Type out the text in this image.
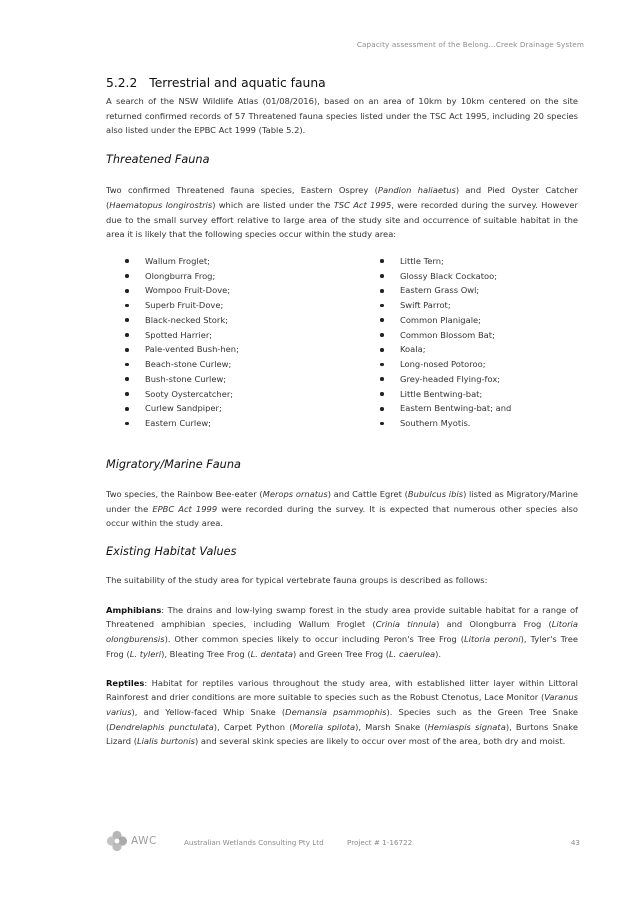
Capacity assessment of the Belong...Creek Drainage System
5.2.2 Terrestrial and aquatic fauna

A search of the NSW Wildlife Atlas (01/08/2016), based on an area of 10km by 10km centered on the site returned confirmed records of 57 Threatened fauna species listed under the TSC Act 1995, including 20 species also listed under the EPBC Act 1999 (Table 5.2).

Threatened Fauna

Two confirmed Threatened fauna species, Eastern Osprey (Pandion haliaetus) and Pied Oyster Catcher (Haematopus longirostris) which are listed under the TSC Act 1995, were recorded during the survey. However due to the small survey effort relative to large area of the study site and occurrence of suitable habitat in the area it is likely that the following species occur within the study area:

Wallum Froglet;
Olongburra Frog;
Wompoo Fruit-Dove;
Superb Fruit-Dove;
Black-necked Stork;
Spotted Harrier;
Pale-vented Bush-hen;
Beach-stone Curlew;
Bush-stone Curlew;
Sooty Oystercatcher;
Curlew Sandpiper;
Eastern Curlew;
Little Tern;
Glossy Black Cockatoo;
Eastern Grass Owl;
Swift Parrot;
Common Planigale;
Common Blossom Bat;
Koala;
Long-nosed Potoroo;
Grey-headed Flying-fox;
Little Bentwing-bat;
Eastern Bentwing-bat; and
Southern Myotis.
Migratory/Marine Fauna

Two species, the Rainbow Bee-eater (Merops ornatus) and Cattle Egret (Bubulcus ibis) listed as Migratory/Marine under the EPBC Act 1999 were recorded during the survey. It is expected that numerous other species also occur within the study area.

Existing Habitat Values

The suitability of the study area for typical vertebrate fauna groups is described as follows:

Amphibians: The drains and low-lying swamp forest in the study area provide suitable habitat for a range of Threatened amphibian species, including Wallum Froglet (Crinia tinnula) and Olongburra Frog (Litoria olongburensis). Other common species likely to occur including Peron's Tree Frog (Litoria peroni), Tyler's Tree Frog (L. tyleri), Bleating Tree Frog (L. dentata) and Green Tree Frog (L. caerulea).

Reptiles: Habitat for reptiles various throughout the study area, with established litter layer within Littoral Rainforest and drier conditions are more suitable to species such as the Robust Ctenotus, Lace Monitor (Varanus varius), and Yellow-faced Whip Snake (Demansia psammophis). Species such as the Green Tree Snake (Dendrelaphis punctulata), Carpet Python (Morelia spilota), Marsh Snake (Hemiaspis signata), Burtons Snake Lizard (Lialis burtonis) and several skink species are likely to occur over most of the area, both dry and moist.

AWC	Australian Wetlands Consulting Pty Ltd	Project # 1-16722	43
